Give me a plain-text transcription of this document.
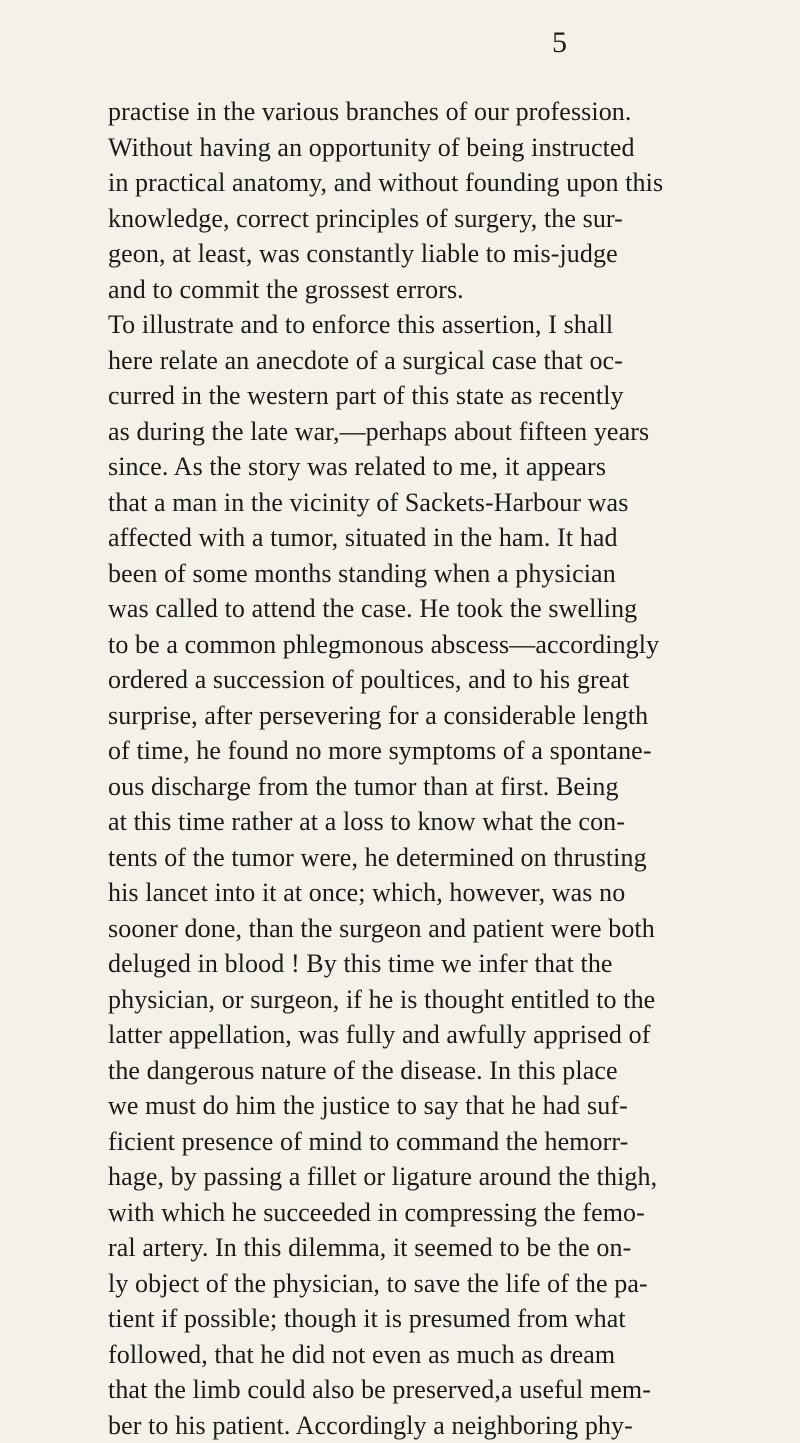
5
practise in the various branches of our profession.
Without having an opportunity of being instructed
in practical anatomy, and without founding upon this
knowledge, correct principles of surgery, the sur-
geon, at least, was constantly liable to mis-judge
and to commit the grossest errors.
To illustrate and to enforce this assertion, I shall
here relate an anecdote of a surgical case that oc-
curred in the western part of this state as recently
as during the late war,—perhaps about fifteen years
since. As the story was related to me, it appears
that a man in the vicinity of Sackets-Harbour was
affected with a tumor, situated in the ham. It had
been of some months standing when a physician
was called to attend the case. He took the swelling
to be a common phlegmonous abscess—accordingly
ordered a succession of poultices, and to his great
surprise, after persevering for a considerable length
of time, he found no more symptoms of a spontane-
ous discharge from the tumor than at first. Being
at this time rather at a loss to know what the con-
tents of the tumor were, he determined on thrusting
his lancet into it at once; which, however, was no
sooner done, than the surgeon and patient were both
deluged in blood ! By this time we infer that the
physician, or surgeon, if he is thought entitled to the
latter appellation, was fully and awfully apprised of
the dangerous nature of the disease. In this place
we must do him the justice to say that he had suf-
ficient presence of mind to command the hemorr-
hage, by passing a fillet or ligature around the thigh,
with which he succeeded in compressing the femo-
ral artery. In this dilemma, it seemed to be the on-
ly object of the physician, to save the life of the pa-
tient if possible; though it is presumed from what
followed, that he did not even as much as dream
that the limb could also be preserved,a useful mem-
ber to his patient. Accordingly a neighboring phy-
